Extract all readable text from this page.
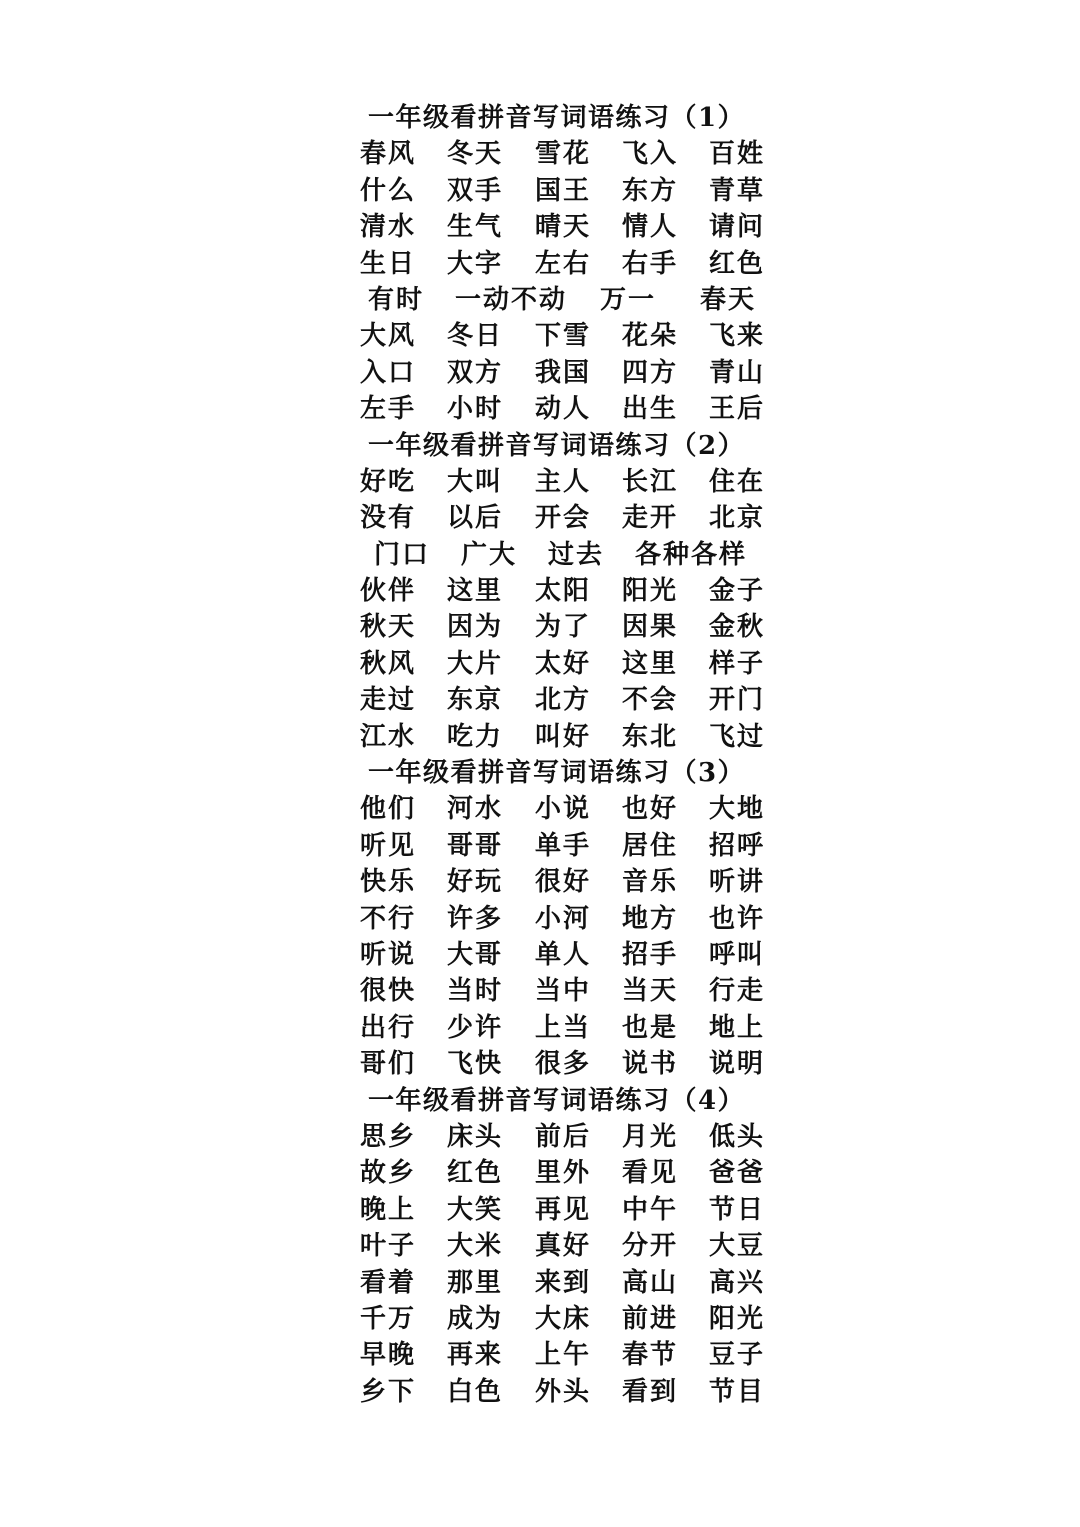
一年级看拼音写词语练习（1）
春风 冬天 雪花 飞入 百姓
什么 双手 国王 东方 青草
清水 生气 晴天 情人 请问
生日 大字 左右 右手 红色
有时 一动不动 万一 春天
大风 冬日 下雪 花朵 飞来
入口 双方 我国 四方 青山
左手 小时 动人 出生 王后
一年级看拼音写词语练习（2）
好吃 大叫 主人 长江 住在
没有 以后 开会 走开 北京
门口 广大 过去 各种各样
伙伴 这里 太阳 阳光 金子
秋天 因为 为了 因果 金秋
秋风 大片 太好 这里 样子
走过 东京 北方 不会 开门
江水 吃力 叫好 东北 飞过
一年级看拼音写词语练习（3）
他们 河水 小说 也好 大地
听见 哥哥 单手 居住 招呼
快乐 好玩 很好 音乐 听讲
不行 许多 小河 地方 也许
听说 大哥 单人 招手 呼叫
很快 当时 当中 当天 行走
出行 少许 上当 也是 地上
哥们 飞快 很多 说书 说明
一年级看拼音写词语练习（4）
思乡 床头 前后 月光 低头
故乡 红色 里外 看见 爸爸
晚上 大笑 再见 中午 节日
叶子 大米 真好 分开 大豆
看着 那里 来到 高山 高兴
千万 成为 大床 前进 阳光
早晚 再来 上午 春节 豆子
乡下 白色 外头 看到 节目
